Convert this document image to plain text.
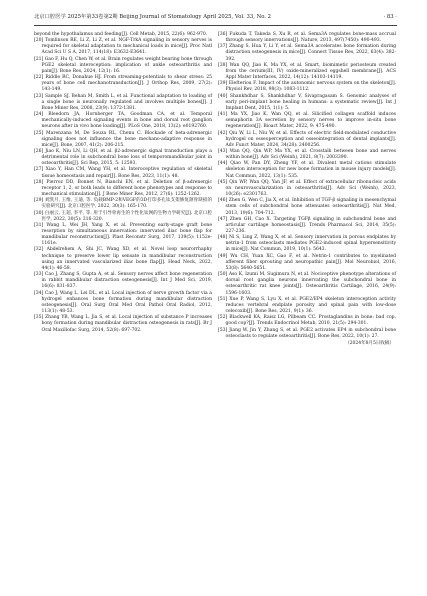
北京口腔医学 2025年第33卷第2期 Beijing Journal of Stomatology April 2025, Vol. 33, No. 2	· 83 ·

beyond the hypothalamus and feeding[J]. Cell Metab, 2015, 22(6): 962-970.

[20] Tomlinson RE, Li Z, Li Z, et al. NGF-TrkA signaling in sensory nerves is required for skeletal adaptation to mechanical loads in mice[J]. Proc Natl Acad Sci U S A, 2017, 114(18): E3632-E3641.

[21] Gao F, Hu Q, Chen W, et al. Brain regulates weight bearing bone through PGE2 skeletal interoception: implication of ankle osteoarthritis and pain[J]. Bone Res, 2024, 12(1): 16.

[22] Riddle RC, Donahue HJ. From streaming-potentials to shear stress: 25 years of bone cell mechanotransduction[J]. J Orthop Res, 2009, 27(2): 143-149.

[23] Sample SJ, Behan M, Smith L, et al. Functional adaptation to loading of a single bone is neuronally regulated and involves multiple bones[J]. J Bone Miner Res, 2008, 23(9): 1372-1381.

[24] Bleedorn JA, Hornberger TA, Goodman CA, et al. Temporal mechanically-induced signaling events in bone and dorsal root ganglion neurons after in vivo bone loading[J]. PLoS One, 2018, 13(2): e0192760.

[25] Marenzana M, De Souza RL, Chenu C. Blockade of beta-adrenergic signaling does not influence the bone mechano-adaptive response in mice[J]. Bone, 2007, 41(2): 206-215.

[26] Jiao K, Niu LN, Li QH, et al. β2-adrenergic signal transduction plays a detrimental role in subchondral bone loss of temporomandibular joint in osteoarthritis[J]. Sci Rep, 2015, 5: 12593.

[27] Xiao Y, Han CM, Wang YH, et al. Interoceptive regulation of skeletal tissue homeostasis and repair[J]. Bone Res, 2023, 11(1): 48.

[28] Pierroz DD, Bonnet N, Bianchi EN, et al. Deletion of β-adrenergic receptor 1, 2, or both leads to different bone phenotypes and response to mechanical stimulation[J]. J Bone Miner Res, 2012, 27(6): 1252-1262.

[29] 刘凯月, 王维, 王迪, 等. 负载BMP-2和VEGF的3D打印多孔钛支架修复颌骨缺损的实验研究[J]. 北京口腔医学, 2022, 30(3): 165-170.

[30] 白丽云, 王超, 李平, 等. 用于引导骨再生的个性化钛网的生物力学研究[J]. 北京口腔医学, 2022, 30(5): 316-320.

[31] Wang L, Wei JH, Yang X, et al. Preventing early-stage graft bone resorption by simultaneous innervation: innervated iliac bone flap for mandibular reconstruction[J]. Plast Reconstr Surg, 2017, 139(5): 1152e-1161e.

[32] Abdelrehem A, Shi JC, Wang XD, et al. Novel loop neurorrhaphy technique to preserve lower lip sensate in mandibular reconstruction using an innervated vascularized iliac bone flap[J]. Head Neck, 2022, 44(1): 46-58.

[33] Cao J, Zhang S, Gupta A, et al. Sensory nerves affect bone regeneration in rabbit mandibular distraction osteogenesis[J]. Int J Med Sci, 2019, 16(6): 831-837.

[34] Cao J, Wang L, Lei DL, et al. Local injection of nerve growth factor via a hydrogel enhances bone formation during mandibular distraction osteogenesis[J]. Oral Surg Oral Med Oral Pathol Oral Radiol, 2012, 113(1): 48-53.

[35] Zhang YB, Wang L, Jia S, et al. Local injection of substance P increases bony formation during mandibular distraction osteogenesis in rats[J]. Br J Oral Maxillofac Surg, 2014, 52(8): 697-702.

[36] Fukuda T, Takeda S, Xu R, et al. Sema3A regulates bone-mass accrual through sensory innervations[J]. Nature, 2013, 497(7450): 490-493.

[37] Zhang S, Hua Y, Li Y, et al. Sema3A accelerates bone formation during distraction osteogenesis in mice[J]. Connect Tissue Res, 2022, 63(4): 382-392.

[38] Wan QQ, Jiao K, Ma YX, et al. Smart, biomimetic periosteum created from the cerium(III, IV) oxide-mineralized eggshell membrane[J]. ACS Appl Mater Interfaces, 2022, 14(12): 14103-14119.

[39] Elefteriou F. Impact of the autonomic nervous system on the skeleton[J]. Physiol Rev, 2018, 98(3): 1083-1112.

[40] Shankhdhar S, Shankhdhar V, Sivapragasam S. Genomic analyses of early peri-implant bone healing in humans: a systematic review[J]. Int J Implant Dent, 2015, 1(1): 5.

[41] Ma YX, Jiao K, Wan QQ, et al. Silicified collagen scaffold induces semaphorin 3A secretion by sensory nerves to improve in-situ bone regeneration[J]. Bioact Mater, 2022, 9: 475-490.

[42] Qiu W, Li L, Niu W, et al. Effects of electric field-modulated conductive hydrogel on osseoperception and osseointegration of dental implants[J]. Adv Funct Mater, 2024, 34(28): 2400256.

[43] Wan QQ, Qin WP, Ma YX, et al. Crosstalk between bone and nerves within bone[J]. Adv Sci (Weinh), 2021, 8(7): 2003390.

[44] Qiao W, Pan DY, Zheng YF, et al. Divalent metal cations stimulate skeleton interoception for new bone formation in mouse injury models[J]. Nat Commun, 2022, 13(1): 535.

[45] Qin WP, Wan QQ, Yan JF, et al. Effect of extracellular ribonucleic acids on neurovascularization in osteoarthritis[J]. Adv Sci (Weinh), 2023, 10(26): e2301763.

[46] Zhen G, Wen C, Jia X, et al. Inhibition of TGF-β signaling in mesenchymal stem cells of subchondral bone attenuates osteoarthritis[J]. Nat Med, 2013, 19(6): 704-712.

[47] Zhen GH, Cao X. Targeting TGFβ signaling in subchondral bone and articular cartilage homeostasis[J]. Trends Pharmacol Sci, 2014, 35(5): 227-236.

[48] Ni S, Ling Z, Wang X, et al. Sensory innervation in porous endplates by netrin-1 from osteoclasts mediates PGE2-induced spinal hypersensitivity in mice[J]. Nat Commun, 2019, 10(1): 5643.

[49] Wu CH, Yuan XC, Gao F, et al. Netrin-1 contributes to myelinated afferent fiber sprouting and neuropathic pain[J]. Mol Neurobiol, 2016, 53(8): 5640-5651.

[50] Aso K, Izumi M, Sugimura N, et al. Nociceptive phenotype alterations of dorsal root ganglia neurons innervating the subchondral bone in osteoarthritic rat knee joints[J]. Osteoarthritis Cartilage, 2016, 24(9): 1596-1603.

[51] Xue P, Wang S, Lyu X, et al. PGE2/EP4 skeleton interoception activity reduces vertebral endplate porosity and spinal pain with low-dose celecoxib[J]. Bone Res, 2021, 9(1): 36.

[52] Blackwell KA, Raisz LG, Pilbeam CC. Prostaglandins in bone: bad cop, good cop?[J]. Trends Endocrinol Metab, 2010, 21(5): 294-301.

[53] Jiang W, Jin Y, Zhang S, et al. PGE2 activates EP4 in subchondral bone osteoclasts to regulate osteoarthritis[J]. Bone Res, 2022, 10(1): 27.

（2024年8月5日收稿）
